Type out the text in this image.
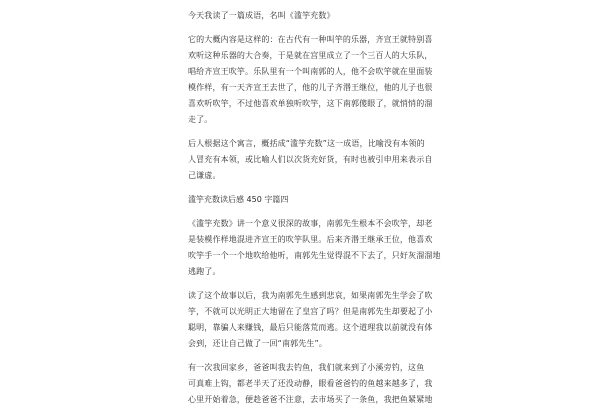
今天我读了一篇成语，名叫《滥竽充数》

它的大概内容是这样的：在古代有一种叫竽的乐器，齐宣王就特别喜
欢听这种乐器的大合奏，于是就在宫里成立了一个三百人的大乐队，
唱给齐宣王吹竽。乐队里有一个叫南郭的人，他不会吹竽就在里面装
模作样，有一天齐宣王去世了，他的儿子齐湣王继位，他的儿子也很
喜欢听吹竽，不过他喜欢单独听吹竽，这下南郭傻眼了，就悄悄的溜
走了。

后人根据这个寓言，概括成“滥竽充数”这一成语，比喻没有本领的
人冒充有本领，或比喻人们以次货充好货，有时也被引申用来表示自
己谦虚。

滥竽充数读后感 450 字篇四

《滥竽充数》讲一个意义很深的故事，南郭先生根本不会吹竽，却老
是装模作样地混进齐宣王的吹竽队里。后来齐湣王继承王位，他喜欢
吹竽手一个一个地吹给他听，南郭先生觉得混不下去了，只好灰溜溜地
逃跑了。

读了这个故事以后，我为南郭先生感到悲哀，如果南郭先生学会了吹
竽，不就可以光明正大地留在了皇宫了吗？但是南郭先生却要起了小
聪明，靠骗人来赚钱，最后只能落荒而逃。这个道理我以前就没有体
会到，还让自己做了一回“南郭先生”。

有一次我回家乡，爸爸叫我去钓鱼，我们就来到了小溪旁钓，这鱼
可真难上钩，都老半天了还没动静，眼看爸爸钓的鱼越来越多了，我
心里开始着急，便趁爸爸不注意，去市场买了一条鱼，我把鱼紧紧地
